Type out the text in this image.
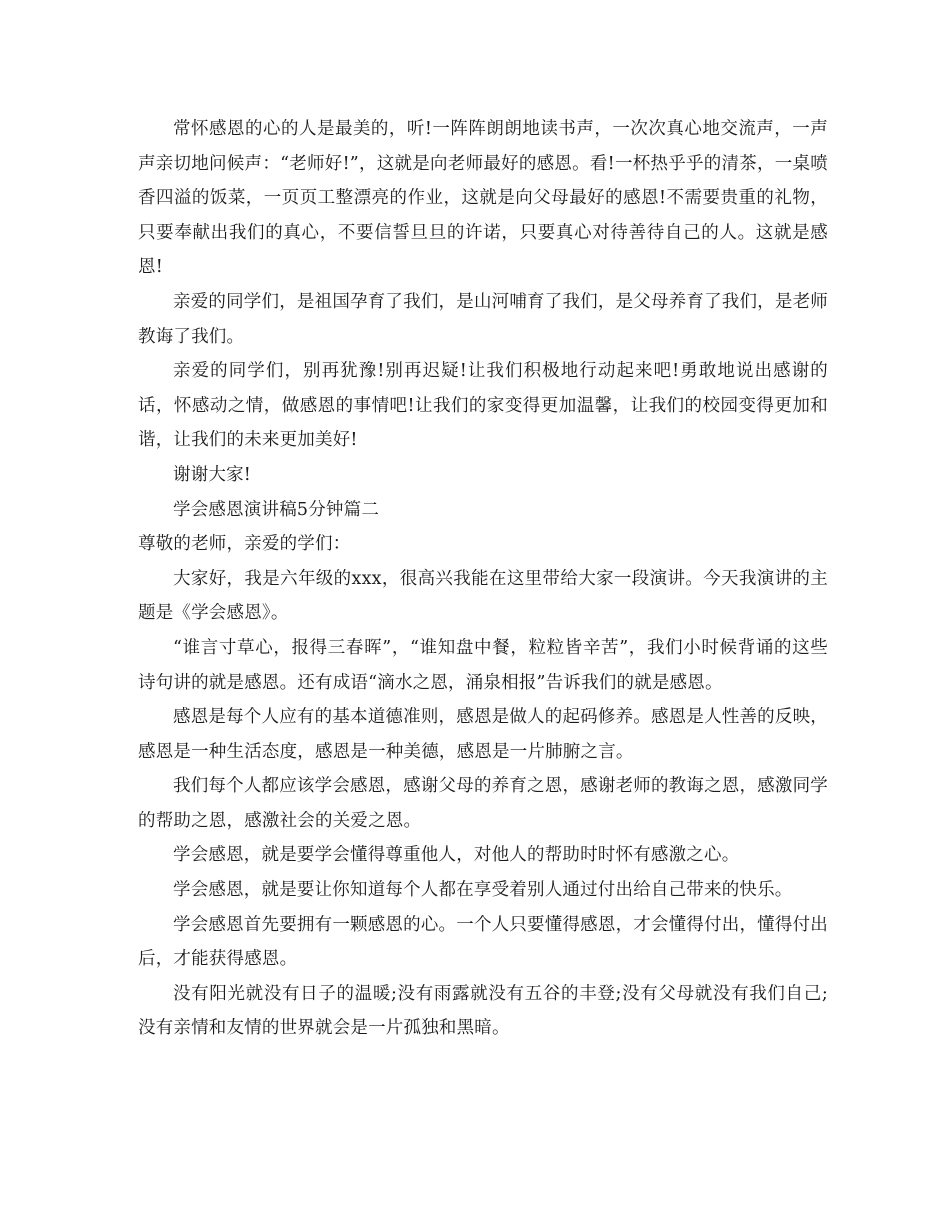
常怀感恩的心的人是最美的，听!一阵阵朗朗地读书声，一次次真心地交流声，一声声亲切地问候声：“老师好!”，这就是向老师最好的感恩。看!一杯热乎乎的清茶，一桌喷香四溢的饭菜，一页页工整漂亮的作业，这就是向父母最好的感恩!不需要贵重的礼物，只要奉献出我们的真心，不要信誓旦旦的许诺，只要真心对待善待自己的人。这就是感恩!

亲爱的同学们，是祖国孕育了我们，是山河哺育了我们，是父母养育了我们，是老师教诲了我们。

亲爱的同学们，别再犹豫!别再迟疑!让我们积极地行动起来吧!勇敢地说出感谢的话，怀感动之情，做感恩的事情吧!让我们的家变得更加温馨，让我们的校园变得更加和谐，让我们的未来更加美好!

谢谢大家!

学会感恩演讲稿5分钟篇二

尊敬的老师，亲爱的学们：

大家好，我是六年级的xxx，很高兴我能在这里带给大家一段演讲。今天我演讲的主题是《学会感恩》。

“谁言寸草心，报得三春晖”，“谁知盘中餐，粒粒皆辛苦”，我们小时候背诵的这些诗句讲的就是感恩。还有成语“滴水之恩，涌泉相报”告诉我们的就是感恩。

感恩是每个人应有的基本道德准则，感恩是做人的起码修养。感恩是人性善的反映，感恩是一种生活态度，感恩是一种美德，感恩是一片肺腑之言。

我们每个人都应该学会感恩，感谢父母的养育之恩，感谢老师的教诲之恩，感激同学的帮助之恩，感激社会的关爱之恩。

学会感恩，就是要学会懂得尊重他人，对他人的帮助时时怀有感激之心。

学会感恩，就是要让你知道每个人都在享受着别人通过付出给自己带来的快乐。

学会感恩首先要拥有一颗感恩的心。一个人只要懂得感恩，才会懂得付出，懂得付出后，才能获得感恩。

没有阳光就没有日子的温暖;没有雨露就没有五谷的丰登;没有父母就没有我们自己;没有亲情和友情的世界就会是一片孤独和黑暗。
